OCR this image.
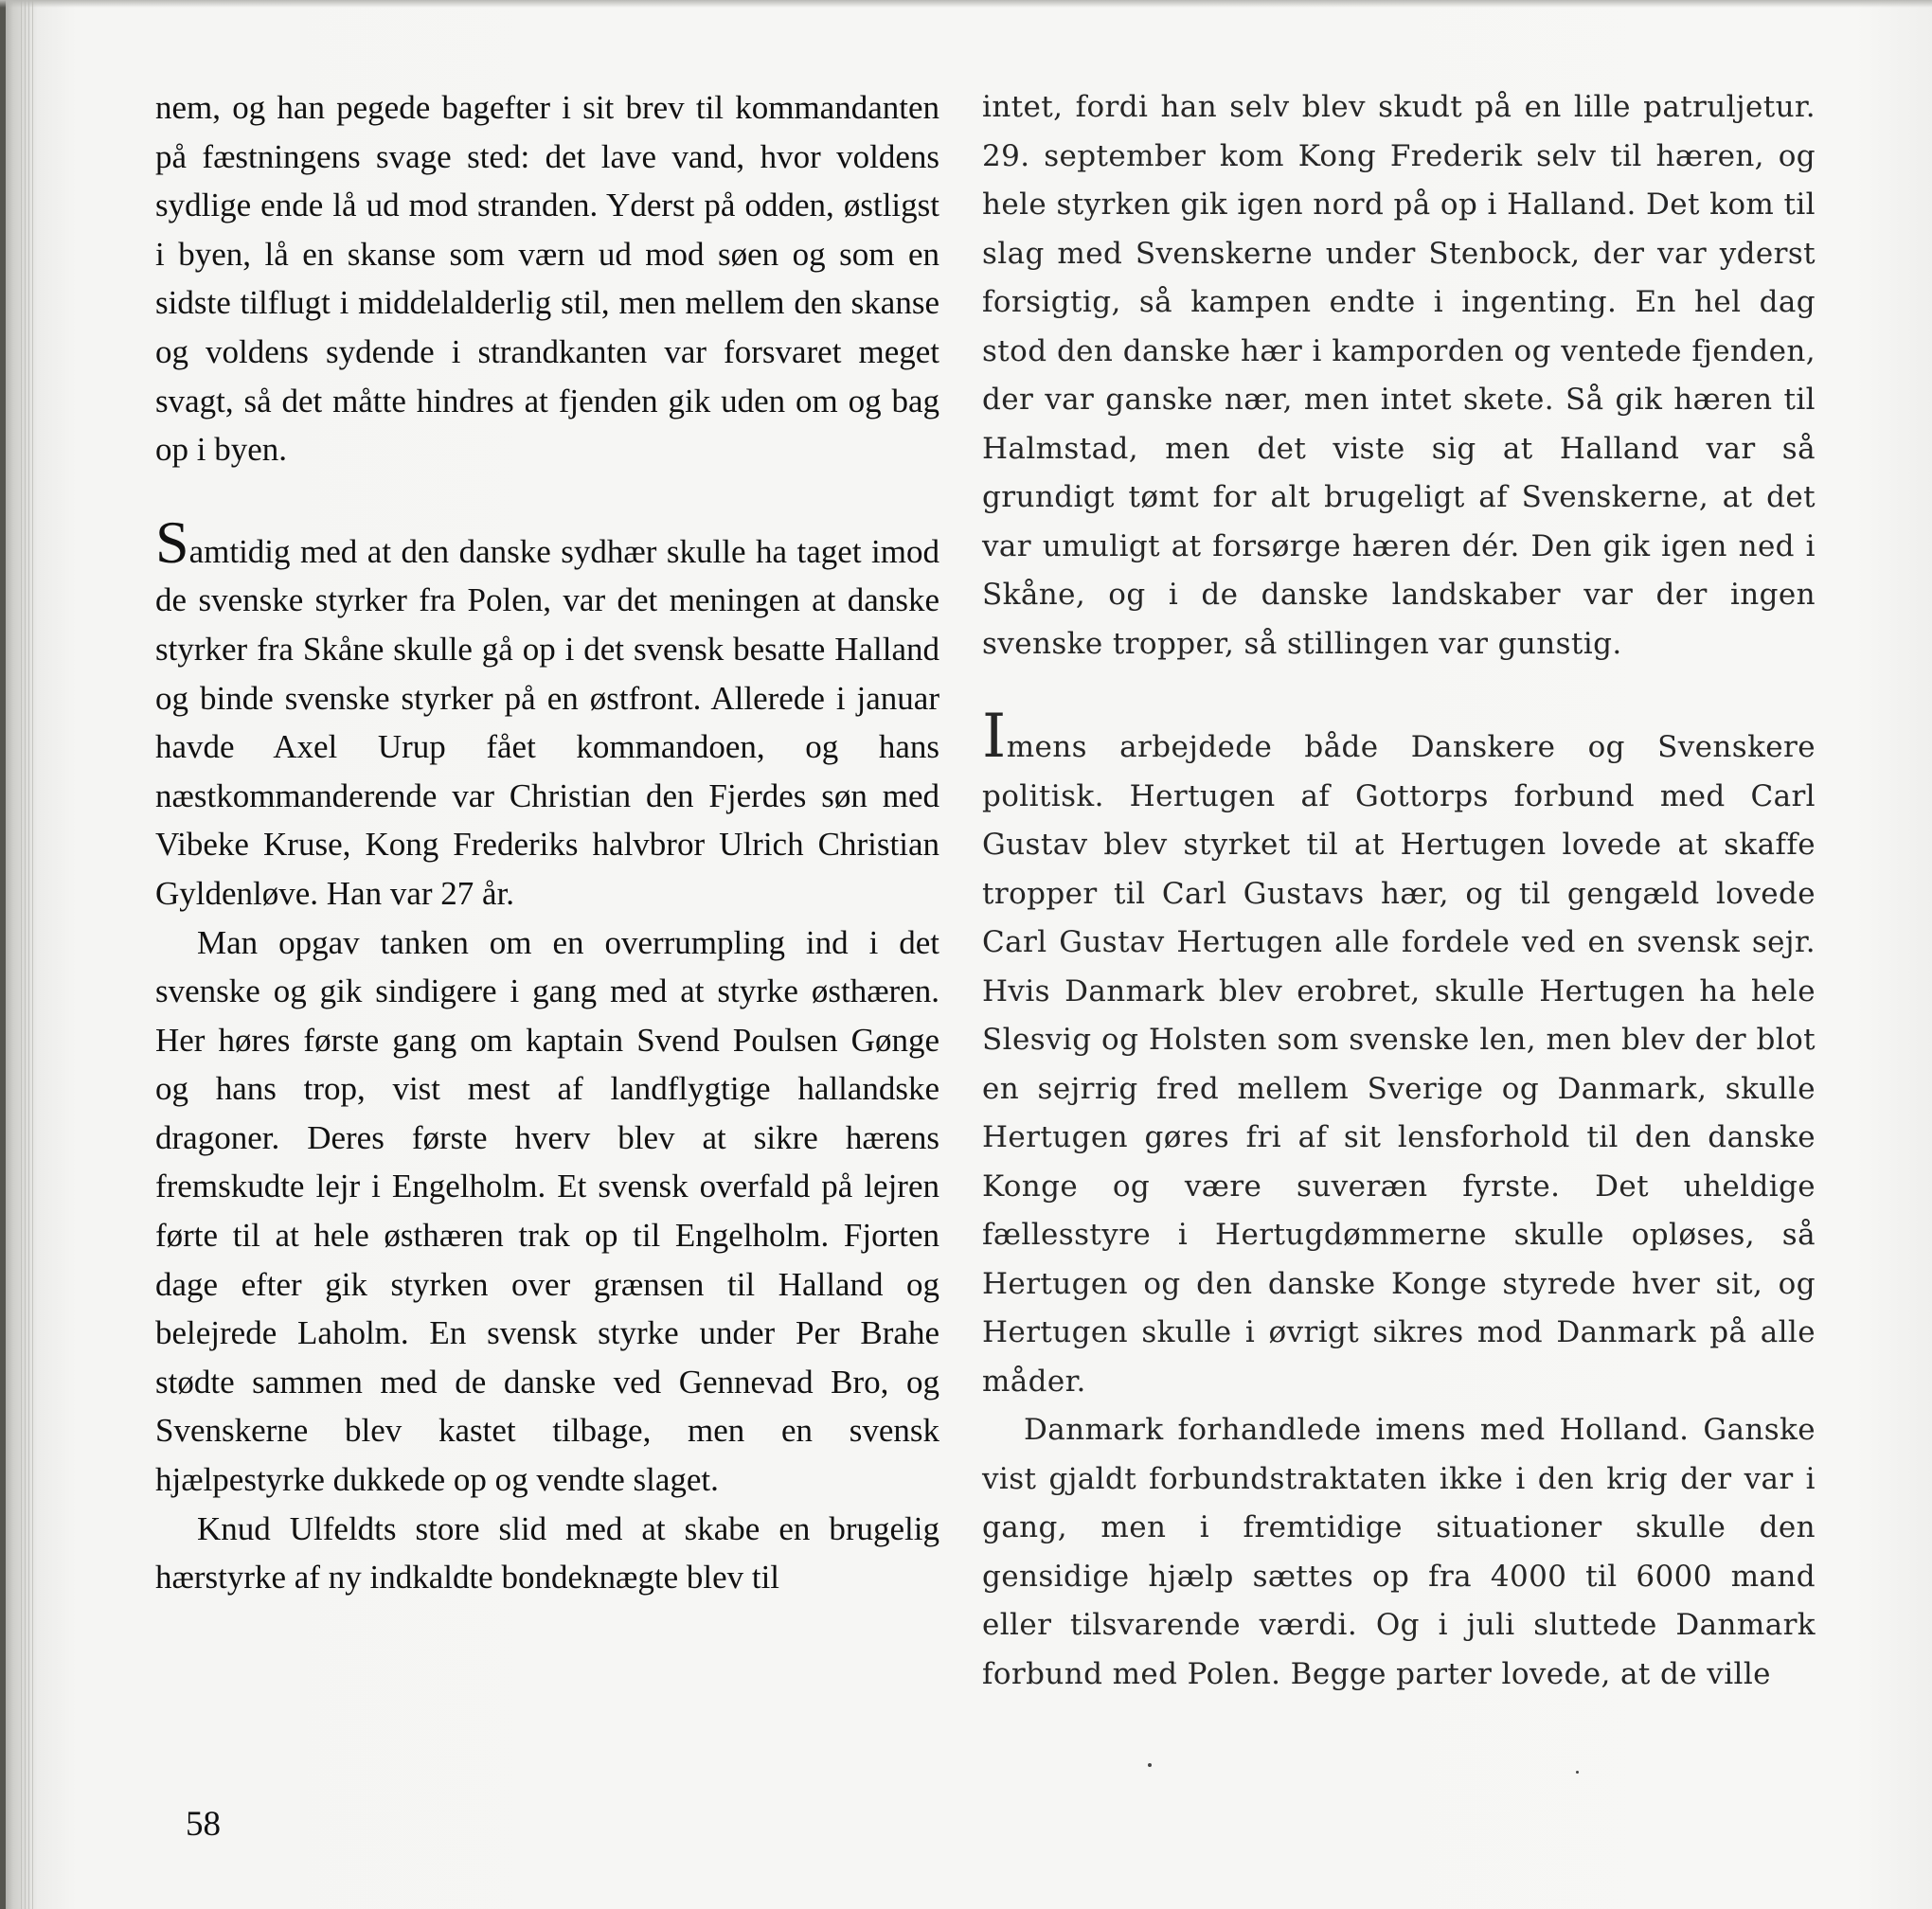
nem, og han pegede bagefter i sit brev til kommandanten på fæstningens svage sted: det lave vand, hvor voldens sydlige ende lå ud mod stranden. Yderst på odden, østligst i byen, lå en skanse som værn ud mod søen og som en sidste tilflugt i middelalderlig stil, men mellem den skanse og voldens sydende i strandkanten var forsvaret meget svagt, så det måtte hindres at fjenden gik uden om og bag op i byen.

Samtidig med at den danske sydhær skulle ha taget imod de svenske styrker fra Polen, var det meningen at danske styrker fra Skåne skulle gå op i det svensk besatte Halland og binde svenske styrker på en østfront. Allerede i januar havde Axel Urup fået kommandoen, og hans næstkommanderende var Christian den Fjerdes søn med Vibeke Kruse, Kong Frederiks halvbror Ulrich Christian Gyldenløve. Han var 27 år.

Man opgav tanken om en overrumpling ind i det svenske og gik sindigere i gang med at styrke østhæren. Her høres første gang om kaptain Svend Poulsen Gønge og hans trop, vist mest af landflygtige hallandske dragoner. Deres første hverv blev at sikre hærens fremskudte lejr i Engelholm. Et svensk overfald på lejren førte til at hele østhæren trak op til Engelholm. Fjorten dage efter gik styrken over grænsen til Halland og belejrede Laholm. En svensk styrke under Per Brahe stødte sammen med de danske ved Gennevad Bro, og Svenskerne blev kastet tilbage, men en svensk hjælpestyrke dukkede op og vendte slaget.

Knud Ulfeldts store slid med at skabe en brugelig hærstyrke af ny indkaldte bondeknægte blev til

intet, fordi han selv blev skudt på en lille patruljetur. 29. september kom Kong Frederik selv til hæren, og hele styrken gik igen nord på op i Halland. Det kom til slag med Svenskerne under Stenbock, der var yderst forsigtig, så kampen endte i ingenting. En hel dag stod den danske hær i kamporden og ventede fjenden, der var ganske nær, men intet skete. Så gik hæren til Halmstad, men det viste sig at Halland var så grundigt tømt for alt brugeligt af Svenskerne, at det var umuligt at forsørge hæren dér. Den gik igen ned i Skåne, og i de danske landskaber var der ingen svenske tropper, så stillingen var gunstig.

Imens arbejdede både Danskere og Svenskere politisk. Hertugen af Gottorps forbund med Carl Gustav blev styrket til at Hertugen lovede at skaffe tropper til Carl Gustavs hær, og til gengæld lovede Carl Gustav Hertugen alle fordele ved en svensk sejr. Hvis Danmark blev erobret, skulle Hertugen ha hele Slesvig og Holsten som svenske len, men blev der blot en sejrrig fred mellem Sverige og Danmark, skulle Hertugen gøres fri af sit lensforhold til den danske Konge og være suveræn fyrste. Det uheldige fællesstyre i Hertugdømmerne skulle opløses, så Hertugen og den danske Konge styrede hver sit, og Hertugen skulle i øvrigt sikres mod Danmark på alle måder.

Danmark forhandlede imens med Holland. Ganske vist gjaldt forbundstraktaten ikke i den krig der var i gang, men i fremtidige situationer skulle den gensidige hjælp sættes op fra 4000 til 6000 mand eller tilsvarende værdi. Og i juli sluttede Danmark forbund med Polen. Begge parter lovede, at de ville

58
